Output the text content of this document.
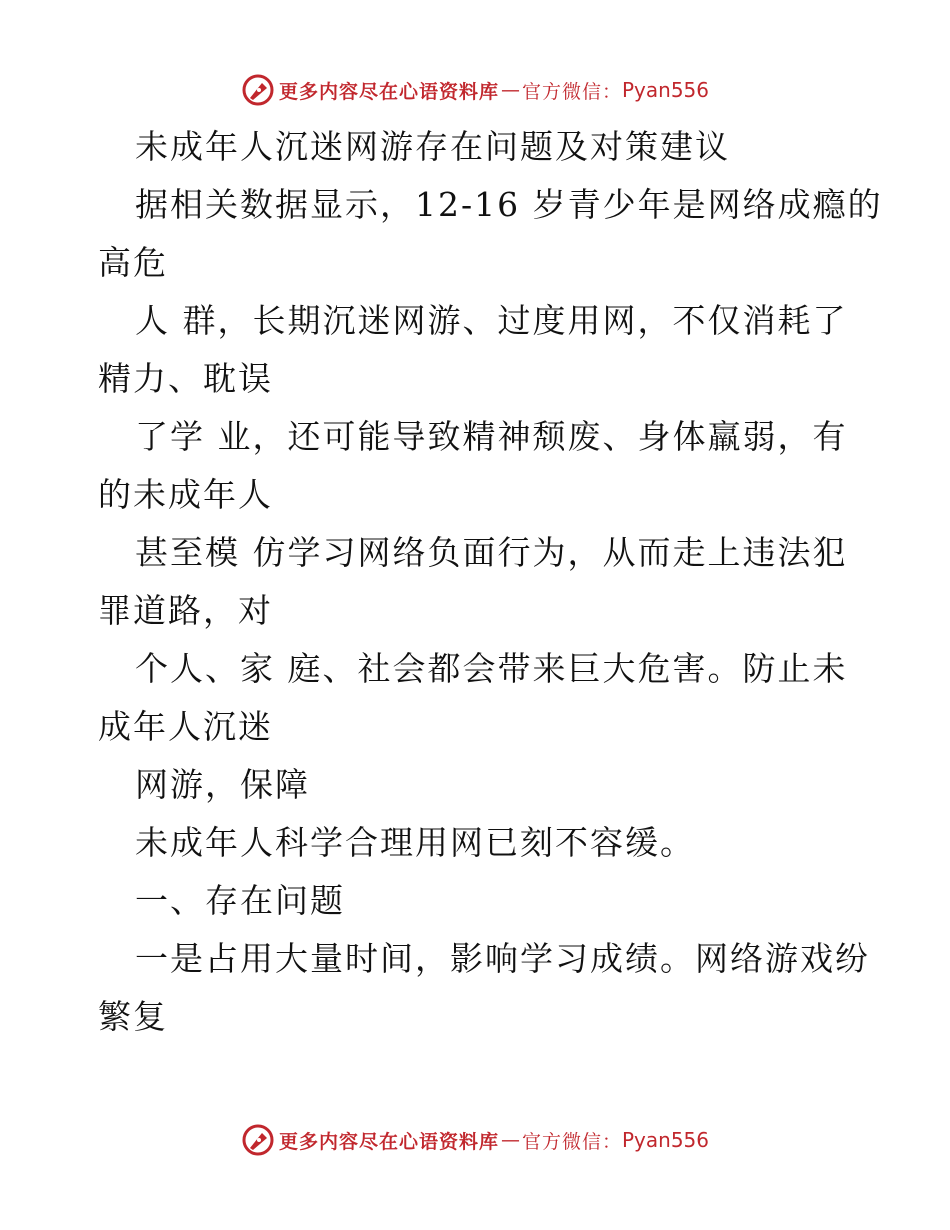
更多内容尽在心语资料库 — 官方微信： Pyan556
未成年人沉迷网游存在问题及对策建议
据相关数据显示，12-16 岁青少年是网络成瘾的
高危
人 群，长期沉迷网游、过度用网，不仅消耗了
精力、耽误
了学 业，还可能导致精神颓废、身体羸弱，有
的未成年人
甚至模 仿学习网络负面行为，从而走上违法犯
罪道路，对
个人、家 庭、社会都会带来巨大危害。防止未
成年人沉迷
网游，保障
未成年人科学合理用网已刻不容缓。
一、存在问题
一是占用大量时间，影响学习成绩。网络游戏纷
繁复
更多内容尽在心语资料库 — 官方微信： Pyan556
